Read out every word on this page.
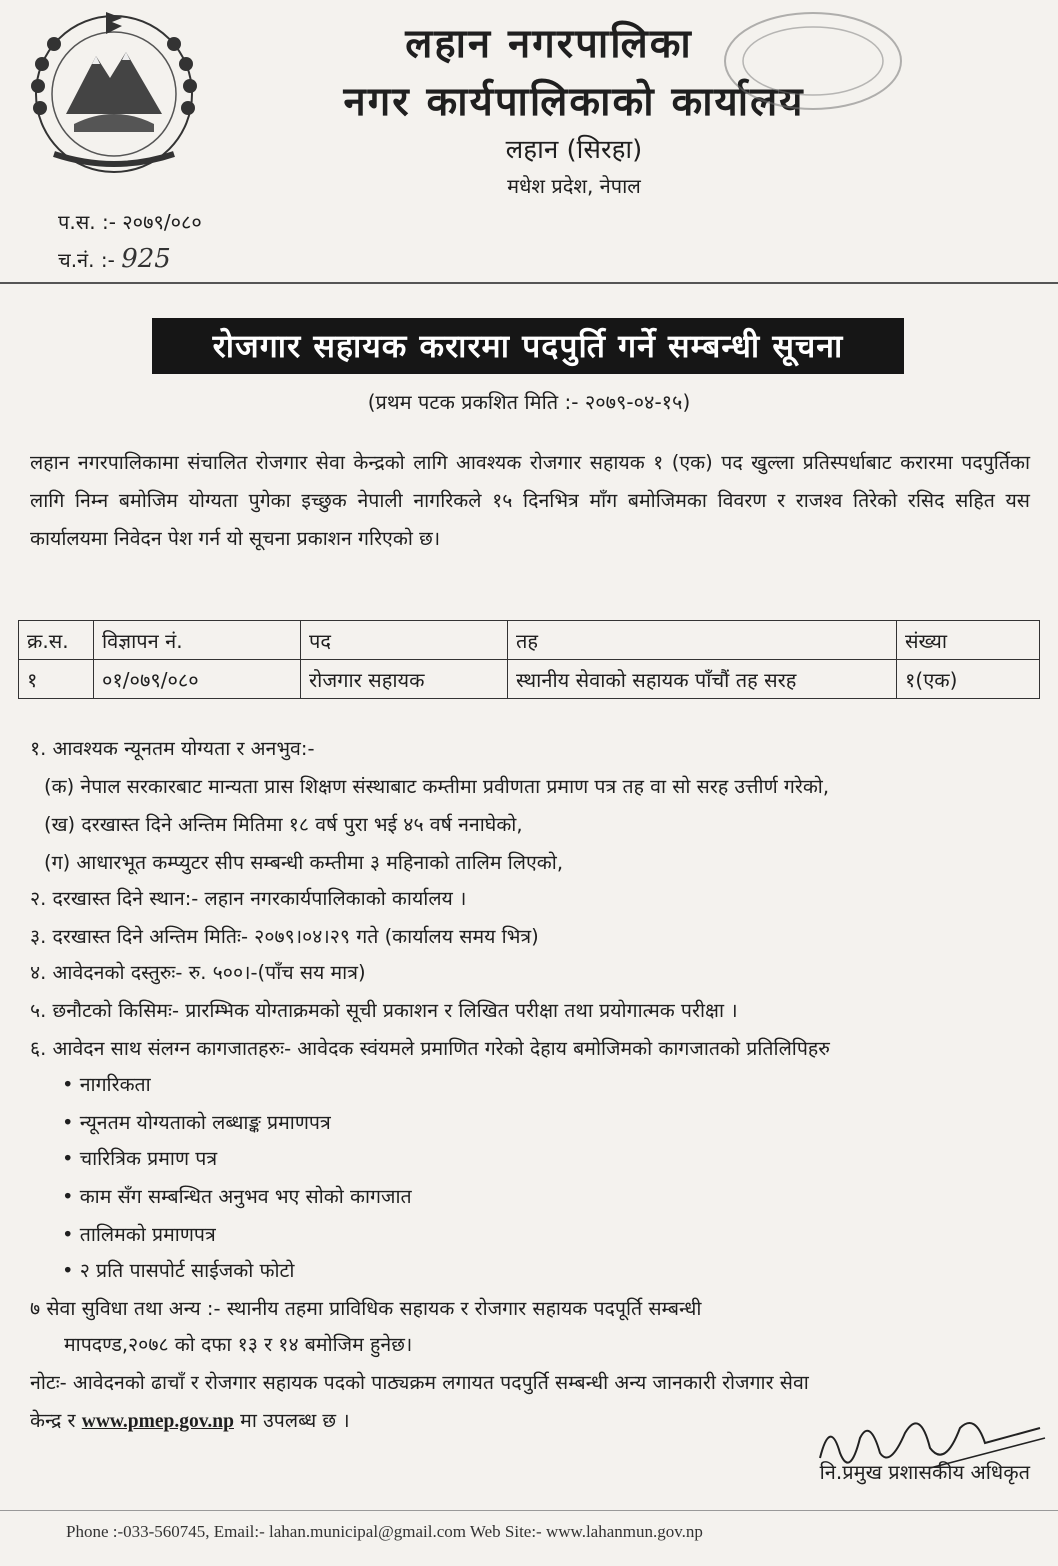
लहान नगरपालिका
नगर कार्यपालिकाको कार्यालय
लहान (सिरहा)
मधेश प्रदेश, नेपाल
प.स. :- २०७९/०८०
च.नं. :- 925
रोजगार सहायक करारमा पदपुर्ति गर्ने सम्बन्धी सूचना
(प्रथम पटक प्रकशित मिति :- २०७९-०४-१५)
लहान नगरपालिकामा संचालित रोजगार सेवा केन्द्रको लागि आवश्यक रोजगार सहायक १ (एक) पद खुल्ला प्रतिस्पर्धाबाट करारमा पदपुर्तिका लागि निम्न बमोजिम योग्यता पुगेका इच्छुक नेपाली नागरिकले १५ दिनभित्र माँग बमोजिमका विवरण र राजश्व तिरेको रसिद सहित यस कार्यालयमा निवेदन पेश गर्न यो सूचना प्रकाशन गरिएको छ।
क्र.स.	विज्ञापन नं.	पद	तह	संख्या
१	०१/०७९/०८०	रोजगार सहायक	स्थानीय सेवाको सहायक पाँचौं तह सरह	१(एक)
१. आवश्यक न्यूनतम योग्यता र अनभुव:-
(क) नेपाल सरकारबाट मान्यता प्रास शिक्षण संस्थाबाट कम्तीमा प्रवीणता प्रमाण पत्र तह वा सो सरह उत्तीर्ण गरेको,
(ख) दरखास्त दिने अन्तिम मितिमा १८ वर्ष पुरा भई ४५ वर्ष ननाघेको,
(ग) आधारभूत कम्प्युटर सीप सम्बन्धी कम्तीमा ३ महिनाको तालिम लिएको,
२. दरखास्त दिने स्थान:- लहान नगरकार्यपालिकाको कार्यालय ।
३. दरखास्त दिने अन्तिम मितिः- २०७९।०४।२९ गते (कार्यालय समय भित्र)
४. आवेदनको दस्तुरुः- रु. ५००।-(पाँच सय मात्र)
५. छनौटको किसिमः- प्रारम्भिक योग्ताक्रमको सूची प्रकाशन र लिखित परीक्षा तथा प्रयोगात्मक परीक्षा ।
६. आवेदन साथ संलग्न कागजातहरुः- आवेदक स्वंयमले प्रमाणित गरेको देहाय बमोजिमको कागजातको प्रतिलिपिहरु
• नागरिकता
• न्यूनतम योग्यताको लब्धाङ्क प्रमाणपत्र
• चारित्रिक प्रमाण पत्र
• काम सँग सम्बन्धित अनुभव भए सोको कागजात
• तालिमको प्रमाणपत्र
• २ प्रति पासपोर्ट साईजको फोटो
७ सेवा सुविधा तथा अन्य :- स्थानीय तहमा प्राविधिक सहायक र रोजगार सहायक पदपूर्ति सम्बन्धी
मापदण्ड,२०७८ को दफा १३ र १४ बमोजिम हुनेछ।
नोटः- आवेदनको ढाचाँ र रोजगार सहायक पदको पाठ्यक्रम लगायत पदपुर्ति सम्बन्धी अन्य जानकारी रोजगार सेवा
केन्द्र र www.pmep.gov.np मा उपलब्ध छ ।
नि.प्रमुख प्रशासकीय अधिकृत
Phone :-033-560745, Email:- lahan.municipal@gmail.com Web Site:- www.lahanmun.gov.np
